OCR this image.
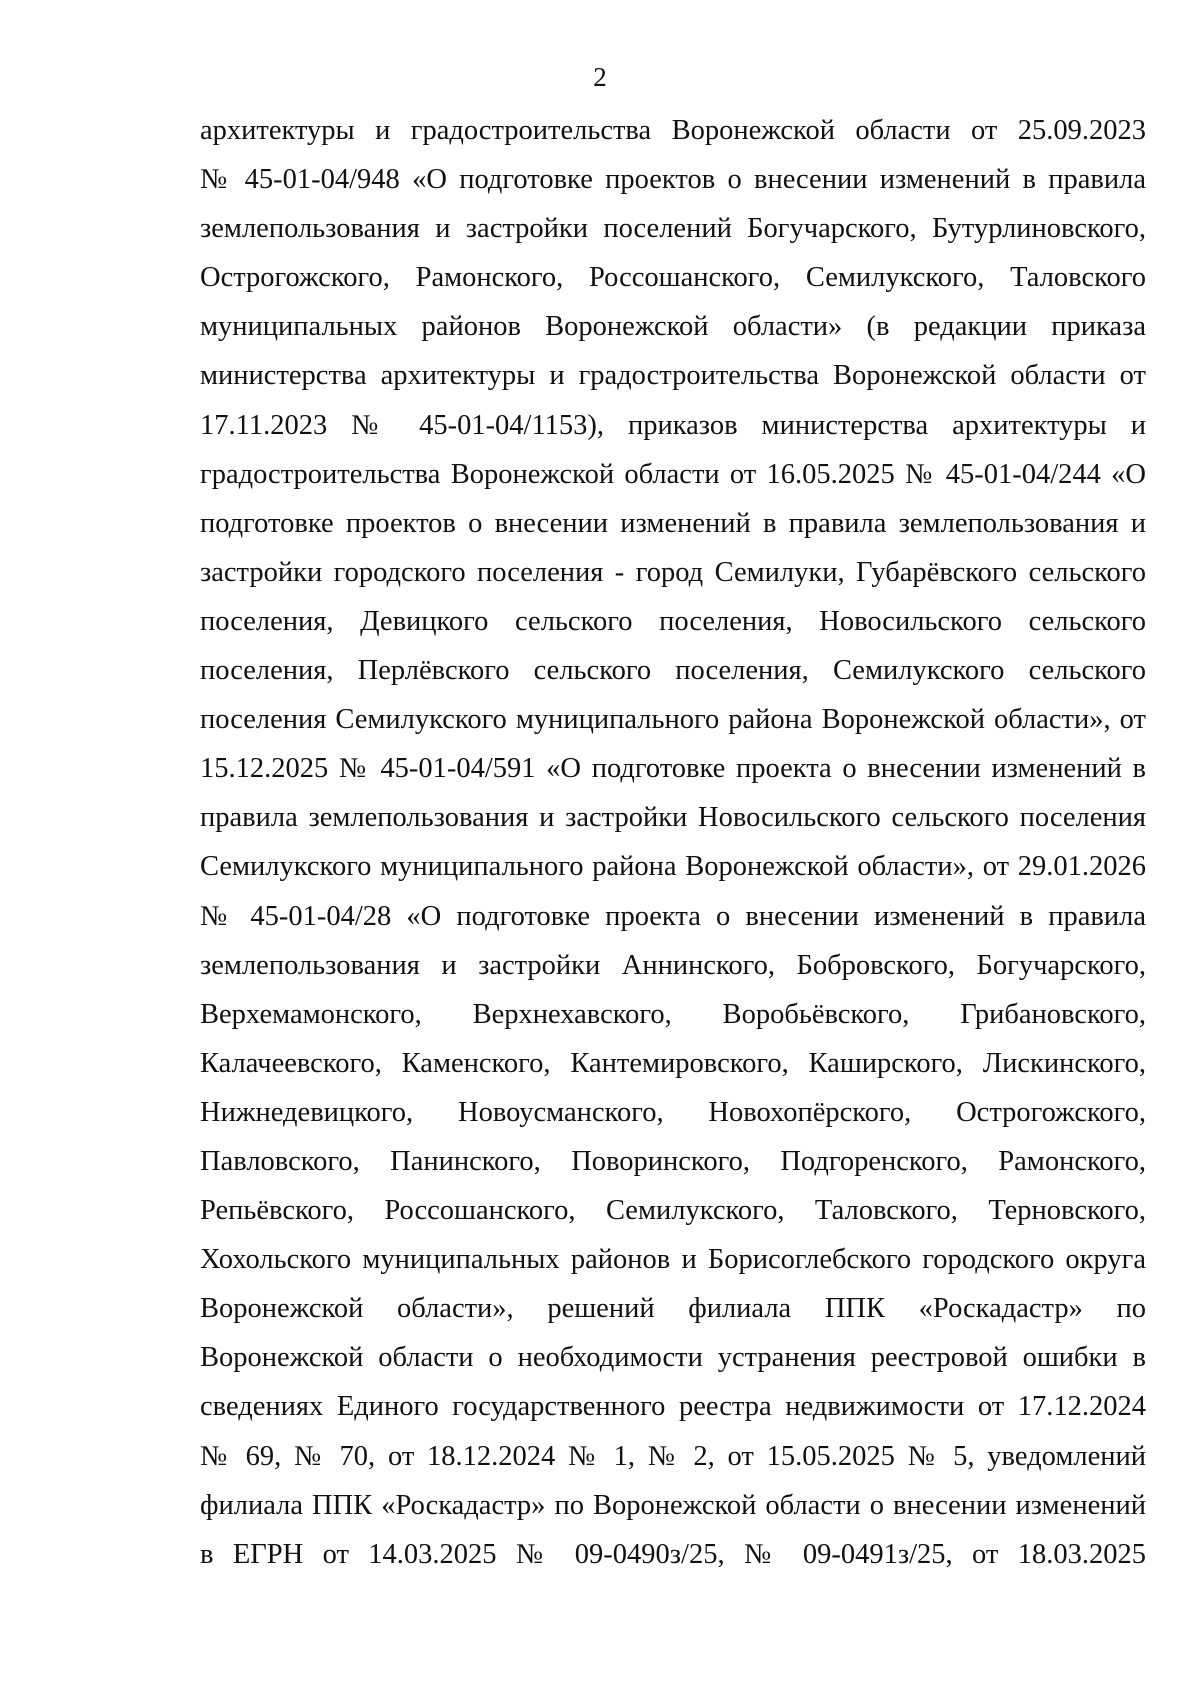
2
архитектуры и градостроительства Воронежской области от 25.09.2023
№ 45-01-04/948 «О подготовке проектов о внесении изменений в правила
землепользования и застройки поселений Богучарского, Бутурлиновского,
Острогожского, Рамонского, Россошанского, Семилукского, Таловского
муниципальных районов Воронежской области» (в редакции приказа
министерства архитектуры и градостроительства Воронежской области от
17.11.2023 № 45-01-04/1153), приказов министерства архитектуры и
градостроительства Воронежской области от 16.05.2025 № 45-01-04/244 «О
подготовке проектов о внесении изменений в правила землепользования и
застройки городского поселения - город Семилуки, Губарёвского сельского
поселения, Девицкого сельского поселения, Новосильского сельского
поселения, Перлёвского сельского поселения, Семилукского сельского
поселения Семилукского муниципального района Воронежской области», от
15.12.2025 № 45-01-04/591 «О подготовке проекта о внесении изменений в
правила землепользования и застройки Новосильского сельского поселения
Семилукского муниципального района Воронежской области», от 29.01.2026
№ 45-01-04/28 «О подготовке проекта о внесении изменений в правила
землепользования и застройки Аннинского, Бобровского, Богучарского,
Верхемамонского, Верхнехавского, Воробьёвского, Грибановского,
Калачеевского, Каменского, Кантемировского, Каширского, Лискинского,
Нижнедевицкого, Новоусманского, Новохопёрского, Острогожского,
Павловского, Панинского, Поворинского, Подгоренского, Рамонского,
Репьёвского, Россошанского, Семилукского, Таловского, Терновского,
Хохольского муниципальных районов и Борисоглебского городского округа
Воронежской области», решений филиала ППК «Роскадастр» по
Воронежской области о необходимости устранения реестровой ошибки в
сведениях Единого государственного реестра недвижимости от 17.12.2024
№ 69, № 70, от 18.12.2024 № 1, № 2, от 15.05.2025 № 5, уведомлений
филиала ППК «Роскадастр» по Воронежской области о внесении изменений
в ЕГРН от 14.03.2025 № 09-0490з/25, № 09-0491з/25, от 18.03.2025
